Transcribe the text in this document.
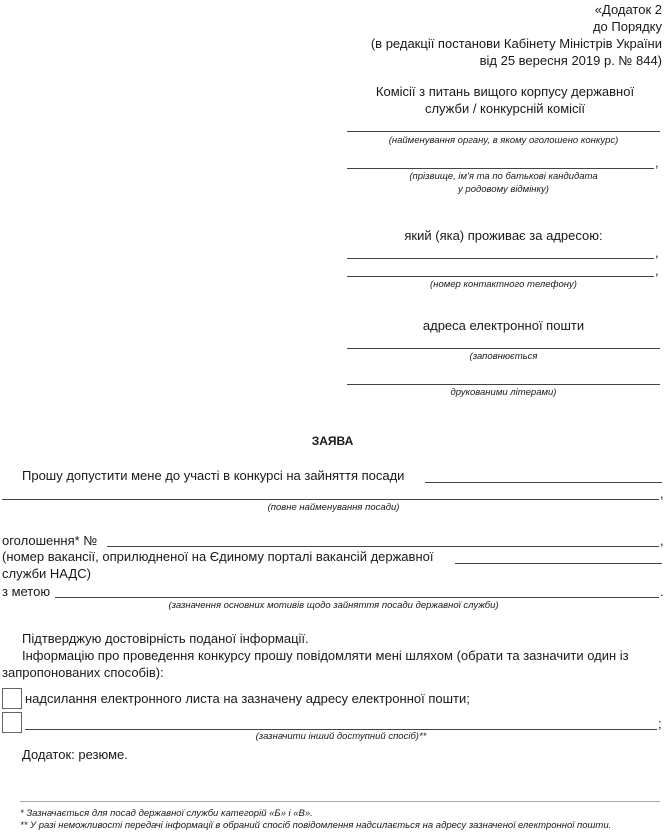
«Додаток 2
до Порядку
(в редакції постанови Кабінету Міністрів України
від 25 вересня 2019 р. № 844)
Комісії з питань вищого корпусу державної
служби / конкурсній комісії
(найменування органу, в якому оголошено конкурс)
,
(прізвище, ім'я та по батькові кандидата
у родовому відмінку)
який (яка) проживає за адресою:
,
,
(номер контактного телефону)
адреса електронної пошти
(заповнюється
друкованими літерами)
ЗАЯВА
Прошу допустити мене до участі в конкурсі на зайняття посади
,
(повне найменування посади)
оголошення* №	,
(номер вакансії, оприлюдненої на Єдиному порталі вакансій державної
служби НАДС)
з метою	.
(зазначення основних мотивів щодо зайняття посади державної служби)
Підтверджую достовірність поданої інформації.
Інформацію про проведення конкурсу прошу повідомляти мені шляхом (обрати та зазначити один із
запропонованих способів):
надсилання електронного листа на зазначену адресу електронної пошти;
;
(зазначити інший доступний спосіб)**
Додаток: резюме.
* Зазначається для посад державної служби категорій «Б» і «В».
** У разі неможливості передачі інформації в обраний спосіб повідомлення надсилається на адресу зазначеної електронної пошти.
